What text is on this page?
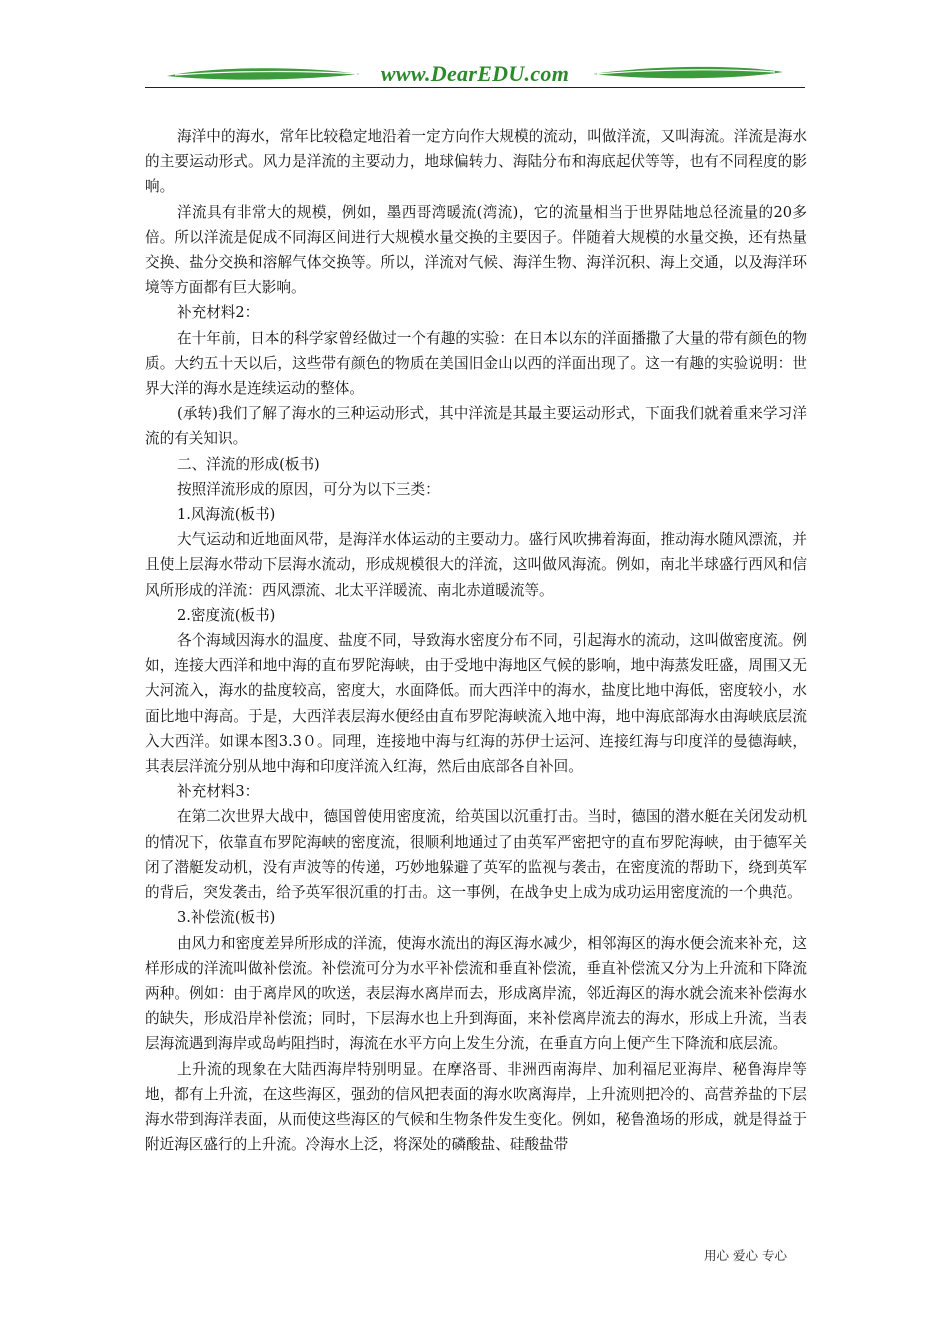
www.DearEDU.com

海洋中的海水，常年比较稳定地沿着一定方向作大规模的流动，叫做洋流，又叫海流。洋流是海水的主要运动形式。风力是洋流的主要动力，地球偏转力、海陆分布和海底起伏等等，也有不同程度的影响。

洋流具有非常大的规模，例如，墨西哥湾暖流(湾流)，它的流量相当于世界陆地总径流量的20多倍。所以洋流是促成不同海区间进行大规模水量交换的主要因子。伴随着大规模的水量交换，还有热量交换、盐分交换和溶解气体交换等。所以，洋流对气候、海洋生物、海洋沉积、海上交通，以及海洋环境等方面都有巨大影响。

补充材料2：

在十年前，日本的科学家曾经做过一个有趣的实验：在日本以东的洋面播撒了大量的带有颜色的物质。大约五十天以后，这些带有颜色的物质在美国旧金山以西的洋面出现了。这一有趣的实验说明：世界大洋的海水是连续运动的整体。

(承转)我们了解了海水的三种运动形式，其中洋流是其最主要运动形式，下面我们就着重来学习洋流的有关知识。

二、洋流的形成(板书)

按照洋流形成的原因，可分为以下三类：

1.风海流(板书)

大气运动和近地面风带，是海洋水体运动的主要动力。盛行风吹拂着海面，推动海水随风漂流，并且使上层海水带动下层海水流动，形成规模很大的洋流，这叫做风海流。例如，南北半球盛行西风和信风所形成的洋流：西风漂流、北太平洋暖流、南北赤道暖流等。

2.密度流(板书)

各个海域因海水的温度、盐度不同，导致海水密度分布不同，引起海水的流动，这叫做密度流。例如，连接大西洋和地中海的直布罗陀海峡，由于受地中海地区气候的影响，地中海蒸发旺盛，周围又无大河流入，海水的盐度较高，密度大，水面降低。而大西洋中的海水，盐度比地中海低，密度较小，水面比地中海高。于是，大西洋表层海水便经由直布罗陀海峡流入地中海，地中海底部海水由海峡底层流入大西洋。如课本图3.3０。同理，连接地中海与红海的苏伊士运河、连接红海与印度洋的曼德海峡，其表层洋流分别从地中海和印度洋流入红海，然后由底部各自补回。

补充材料3：

在第二次世界大战中，德国曾使用密度流，给英国以沉重打击。当时，德国的潜水艇在关闭发动机的情况下，依靠直布罗陀海峡的密度流，很顺利地通过了由英军严密把守的直布罗陀海峡，由于德军关闭了潜艇发动机，没有声波等的传递，巧妙地躲避了英军的监视与袭击，在密度流的帮助下，绕到英军的背后，突发袭击，给予英军很沉重的打击。这一事例，在战争史上成为成功运用密度流的一个典范。

3.补偿流(板书)

由风力和密度差异所形成的洋流，使海水流出的海区海水减少，相邻海区的海水便会流来补充，这样形成的洋流叫做补偿流。补偿流可分为水平补偿流和垂直补偿流，垂直补偿流又分为上升流和下降流两种。例如：由于离岸风的吹送，表层海水离岸而去，形成离岸流，邻近海区的海水就会流来补偿海水的缺失，形成沿岸补偿流；同时，下层海水也上升到海面，来补偿离岸流去的海水，形成上升流，当表层海流遇到海岸或岛屿阻挡时，海流在水平方向上发生分流，在垂直方向上便产生下降流和底层流。

上升流的现象在大陆西海岸特别明显。在摩洛哥、非洲西南海岸、加利福尼亚海岸、秘鲁海岸等地，都有上升流，在这些海区，强劲的信风把表面的海水吹离海岸，上升流则把冷的、高营养盐的下层海水带到海洋表面，从而使这些海区的气候和生物条件发生变化。例如，秘鲁渔场的形成，就是得益于附近海区盛行的上升流。冷海水上泛，将深处的磷酸盐、硅酸盐带

用心 爱心 专心
